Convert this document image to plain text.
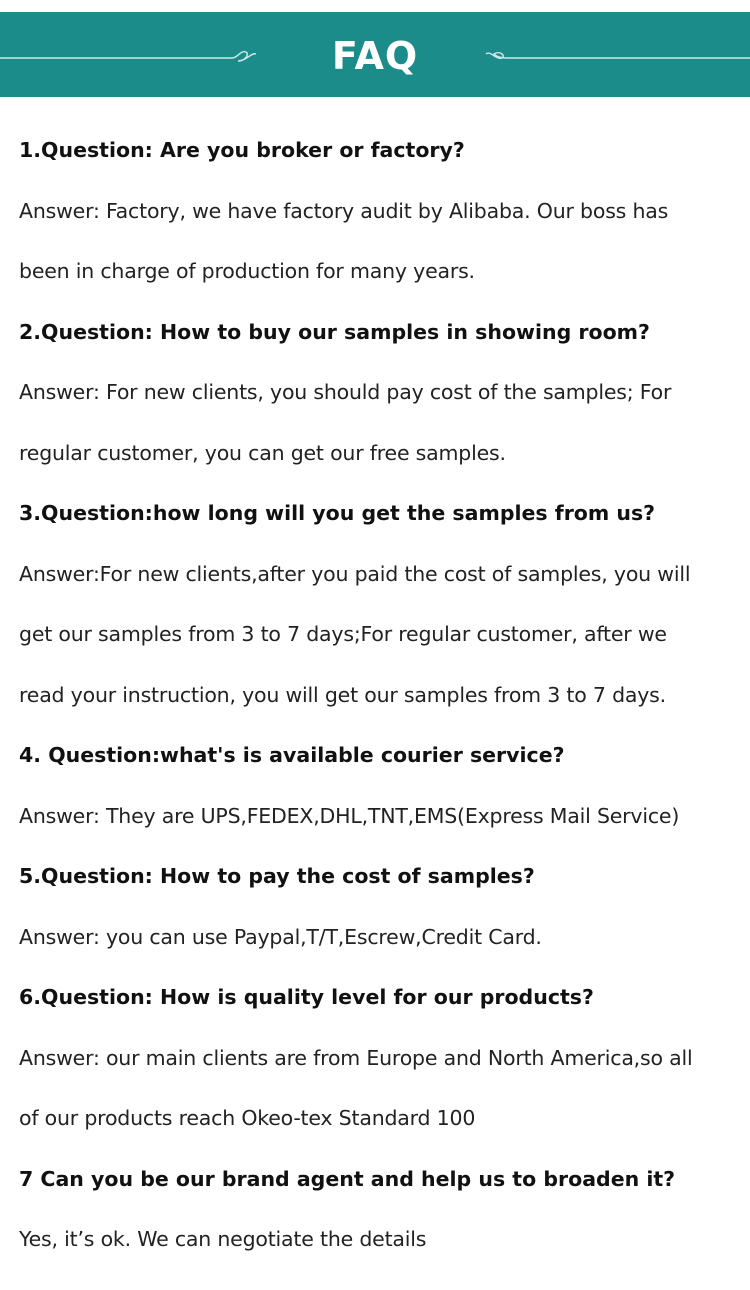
FAQ
1.Question: Are you broker or factory?
Answer: Factory, we have factory audit by Alibaba. Our boss has
been in charge of production for many years.
2.Question: How to buy our samples in showing room?
Answer: For new clients, you should pay cost of the samples; For
regular customer, you can get our free samples.
3.Question:how long will you get the samples from us?
Answer:For new clients,after you paid the cost of samples, you will
get our samples from 3 to 7 days;For regular customer, after we
read your instruction, you will get our samples from 3 to 7 days.
4. Question:what's is available courier service?
Answer: They are UPS,FEDEX,DHL,TNT,EMS(Express Mail Service)
5.Question: How to pay the cost of samples?
Answer: you can use Paypal,T/T,Escrew,Credit Card.
6.Question: How is quality level for our products?
Answer: our main clients are from Europe and North America,so all
of our products reach Okeo-tex Standard 100
7 Can you be our brand agent and help us to broaden it?
Yes, it’s ok. We can negotiate the details
